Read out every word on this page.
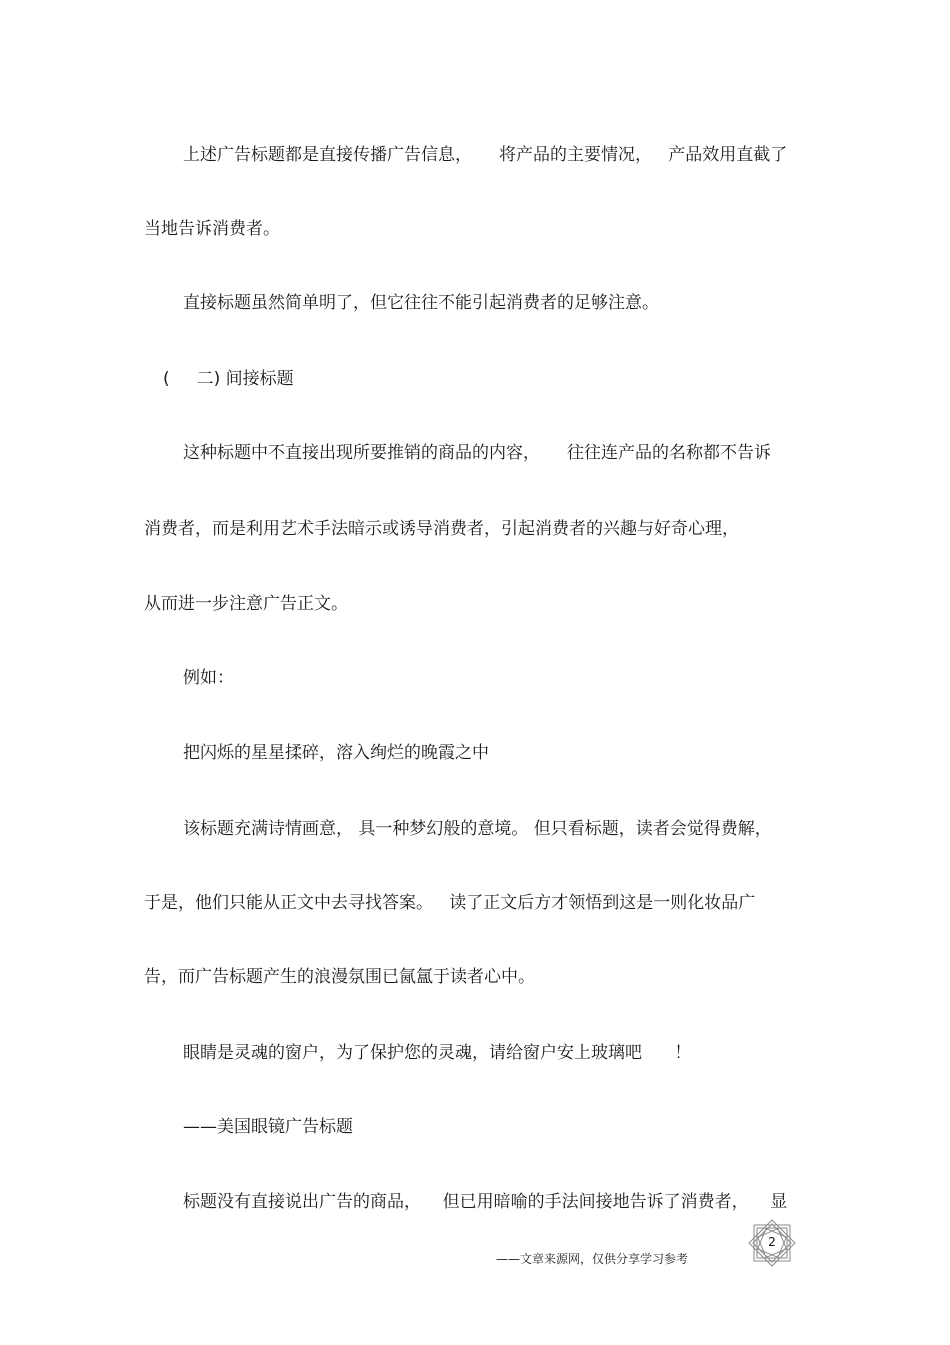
上述广告标题都是直接传播广告信息，     将产品的主要情况，   产品效用直截了
当地告诉消费者。
直接标题虽然简单明了，但它往往不能引起消费者的足够注意。
(     二) 间接标题
这种标题中不直接出现所要推销的商品的内容，     往往连产品的名称都不告诉
消费者，而是利用艺术手法暗示或诱导消费者，引起消费者的兴趣与好奇心理，
从而进一步注意广告正文。
例如：
把闪烁的星星揉碎，溶入绚烂的晚霞之中
该标题充满诗情画意， 具一种梦幻般的意境。 但只看标题，读者会觉得费解，
于是，他们只能从正文中去寻找答案。   读了正文后方才领悟到这是一则化妆品广
告，而广告标题产生的浪漫氛围已氤氲于读者心中。
眼睛是灵魂的窗户，为了保护您的灵魂，请给窗户安上玻璃吧      ！
——美国眼镜广告标题
标题没有直接说出广告的商品，    但已用暗喻的手法间接地告诉了消费者，    显
——文章来源网，仅供分享学习参考
2
